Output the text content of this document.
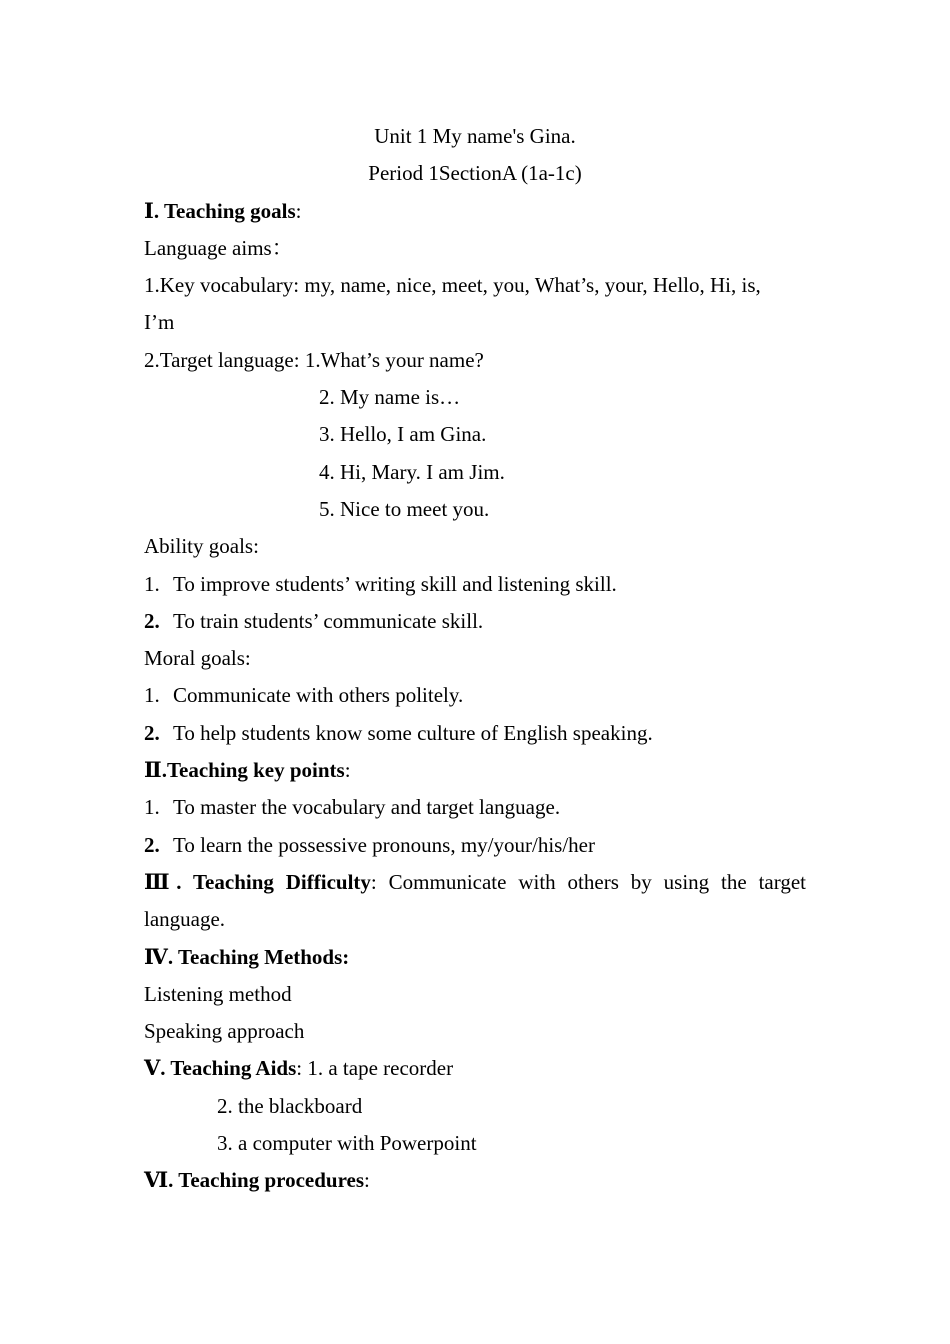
Unit 1 My name's Gina.
Period 1SectionA (1a-1c)
Ⅰ. Teaching goals:
Language aims：
1.Key vocabulary: my, name, nice, meet, you, What’s, your, Hello, Hi, is,
I’m
2.Target language: 1.What’s your name?
2. My name is…
3. Hello, I am Gina.
4. Hi, Mary. I am Jim.
5. Nice to meet you.
Ability goals:
1. To improve students’ writing skill and listening skill.
2. To train students’ communicate skill.
Moral goals:
1. Communicate with others politely.
2. To help students know some culture of English speaking.
Ⅱ.Teaching key points:
1. To master the vocabulary and target language.
2. To learn the possessive pronouns, my/your/his/her
Ⅲ. Teaching Difficulty: Communicate with others by using the target
language.
Ⅳ. Teaching Methods:
Listening method
Speaking approach
Ⅴ. Teaching Aids: 1. a tape recorder
2. the blackboard
3. a computer with Powerpoint
Ⅵ. Teaching procedures:
